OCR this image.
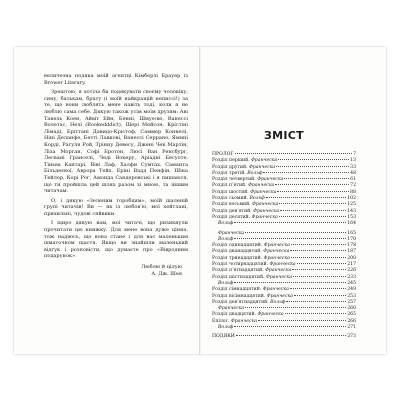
величезна подяка моїй агентці Кімберлі Брауер із Brower Literary.

Зрештою, я хотіла би подякувати своєму чоловіку, сину, батькам, брату (і моїй найкращій неписсі!) за те, що вони люблять мене навіть тоді, коли я не люблю сама себе. Дякую також усім моїм друзям: Аві Такель Коен, Айвіт Ейн, Бенні, Шмуелю, Ванессі Волетас, Нелі (Bookedddict), Шері Мейсон, Крістіні Лімаді, Бріттані Давидо-Крістоф, Саммер Коннелі, Ніні Деланфе, Бетті Лавкові, Ванессі Серрано, Ямині Корді, Рагуля Рой, Трінну Девесу, Джені Чек Мартін, Ліза Морган, Софі Бротон, Люсі Ван Ренсбург, Лесвані Гранселі, Чеді Вокеру, Аріадні Бесуоте, Тіньва Кантарі, Віві Лаф, Халфи Сумтах, Саманта Більдеєвої, Аврора Тейх, Еріні Вадд Пенфін, Шіна Тейлор, Корі Роґ, Амонда Сандеровські і я пишаюся, що ти пройшла цей шлях разом зі мною, та іншим читачам.

О, і дякую «Зеленим горобцям», моїй шаленій групі читачів! Ви — як із любов’ю, мої хейтлані, прихильні, чудові сяйвики.

І щиро дякую вам, мої читачі, що ризикнули прочитати цю книжку. Для мене вона дуже цінна, тож надіюсь, що вона стане і для вас маленьким шматочком щастя. Якщо ви знайшли маленький відгук і розповісти, що думаєте про «Вівродним подарунок».

Люблю й цілую
А. Дж. Шея
ЗМІСТ
ПРОЛОГ	7
Розділ перший. Франческа	13
Розділ другий. Франческа	33
Розділ третій. Вольф	48
Розділ четвертий. Франческа	61
Розділ п’ятий. Франческа	72
Розділ шостий. Франческа	88
Розділ сьомий. Вольф	102
Розділ восьмий. Франческа	125
Розділ дев’ятий. Франческа	143
Розділ десятий. Франческа	153
Вольф	164
Франческа	165
Вольф	170
Розділ одинадцятий. Франческа	178
Розділ дванадцятий. Франческа	187
Розділ тринадцятий. Франческа	200
Розділ чотирнадцятий. Франческа	217
Розділ п’ятнадцятий. Франческа	226
Розділ шістнадцятий. Франческа	233
Вольф	245
Розділ сімнадцятий. Франческа	249
Розділ вісімнадцятий. Франческа	253
Розділ дев’ятнадцятий. Вольф	257
Франческа	260
Розділ двадцятий. Франческа	265
Епілог. Франческа	266
Вольф	271
ПОДЯКИ	273
